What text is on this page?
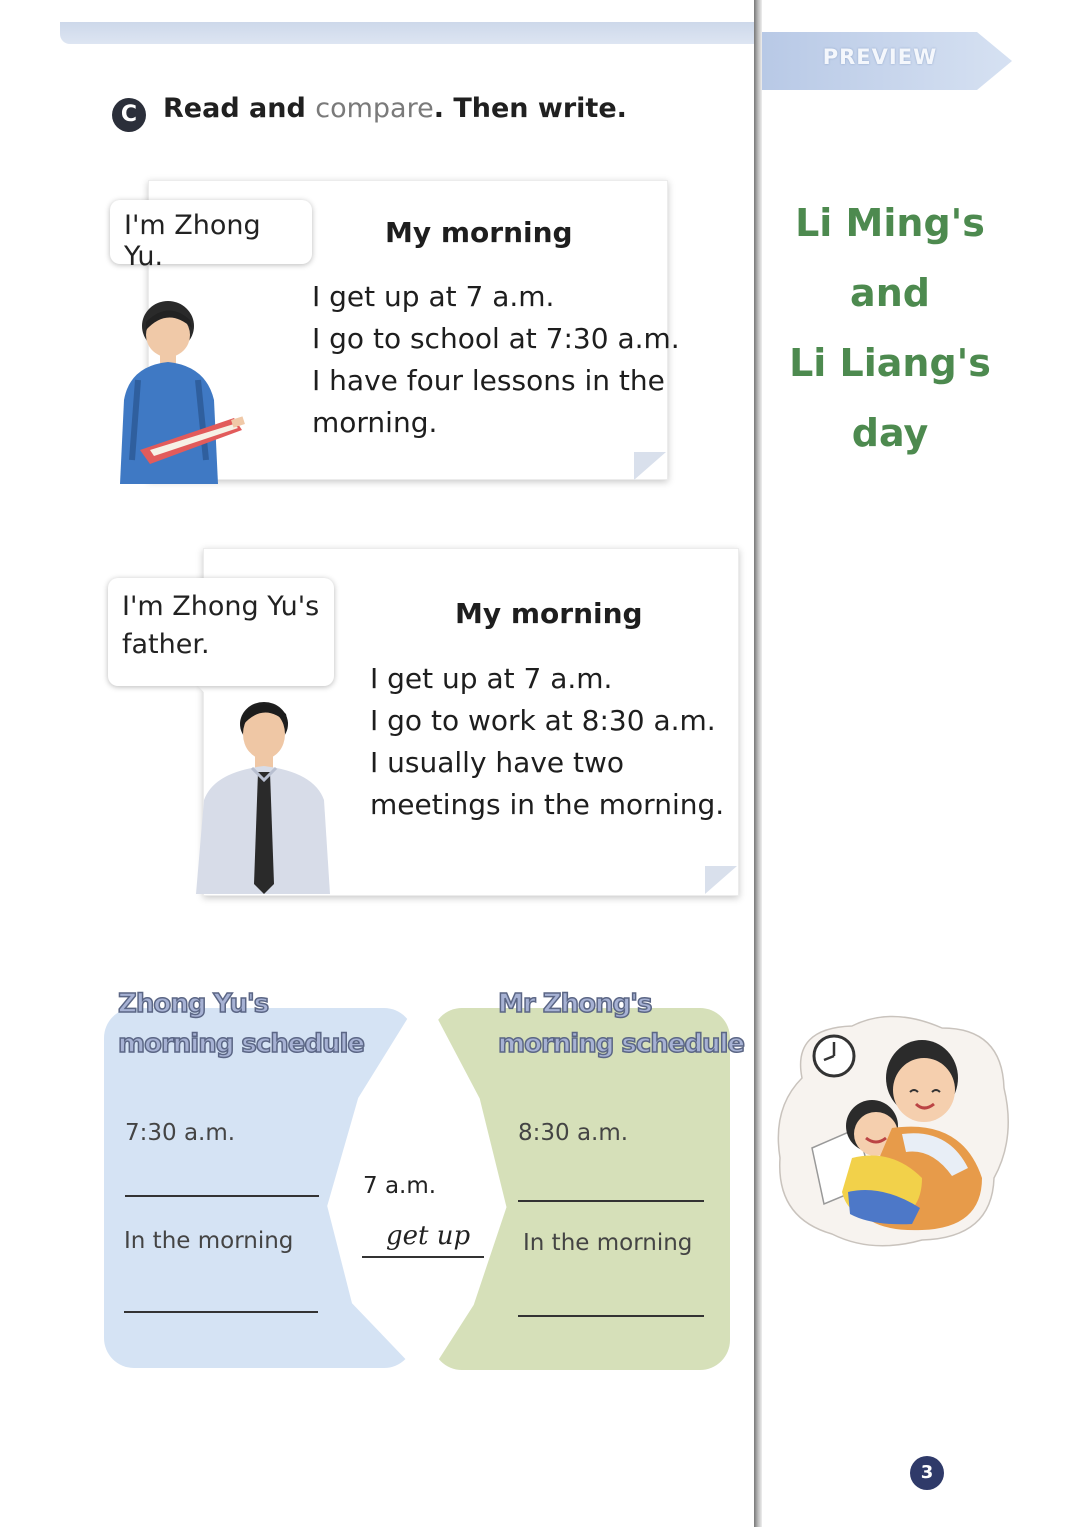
PREVIEW
C Read and compare. Then write.
I'm Zhong Yu.
My morning
I get up at 7 a.m.
I go to school at 7:30 a.m.
I have four lessons in the
morning.
I'm Zhong Yu's
father.
My morning
I get up at 7 a.m.
I go to work at 8:30 a.m.
I usually have two
meetings in the morning.
Zhong Yu's
morning schedule
Mr Zhong's
morning schedule
7:30 a.m.
In the morning
7 a.m.
get up
8:30 a.m.
In the morning
Li Ming's
and
Li Liang's
day
3
